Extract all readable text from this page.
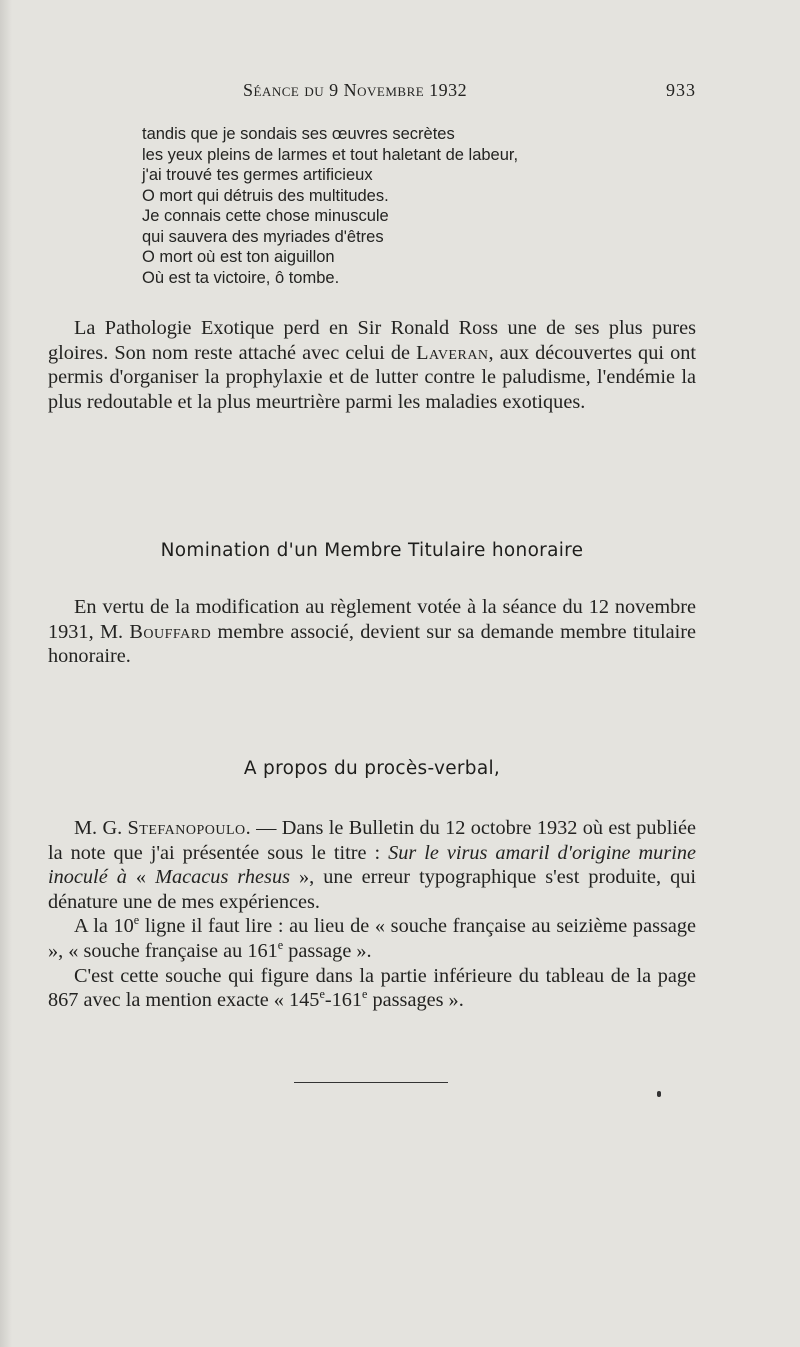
Séance du 9 Novembre 1932	933
tandis que je sondais ses œuvres secrètes
les yeux pleins de larmes et tout haletant de labeur,
j'ai trouvé tes germes artificieux
O mort qui détruis des multitudes.
Je connais cette chose minuscule
qui sauvera des myriades d'êtres
O mort où est ton aiguillon
Où est ta victoire, ô tombe.

La Pathologie Exotique perd en Sir Ronald Ross une de ses plus pures gloires. Son nom reste attaché avec celui de Laveran, aux découvertes qui ont permis d'organiser la prophylaxie et de lutter contre le paludisme, l'endémie la plus redoutable et la plus meurtrière parmi les maladies exotiques.

Nomination d'un Membre Titulaire honoraire

En vertu de la modification au règlement votée à la séance du 12 novembre 1931, M. Bouffard membre associé, devient sur sa demande membre titulaire honoraire.

A propos du procès-verbal,

M. G. Stefanopoulo. — Dans le Bulletin du 12 octobre 1932 où est publiée la note que j'ai présentée sous le titre : Sur le virus amaril d'origine murine inoculé à « Macacus rhesus », une erreur typographique s'est produite, qui dénature une de mes expériences.

A la 10e ligne il faut lire : au lieu de « souche française au seizième passage », « souche française au 161e passage ».

C'est cette souche qui figure dans la partie inférieure du tableau de la page 867 avec la mention exacte « 145e-161e passages ».
